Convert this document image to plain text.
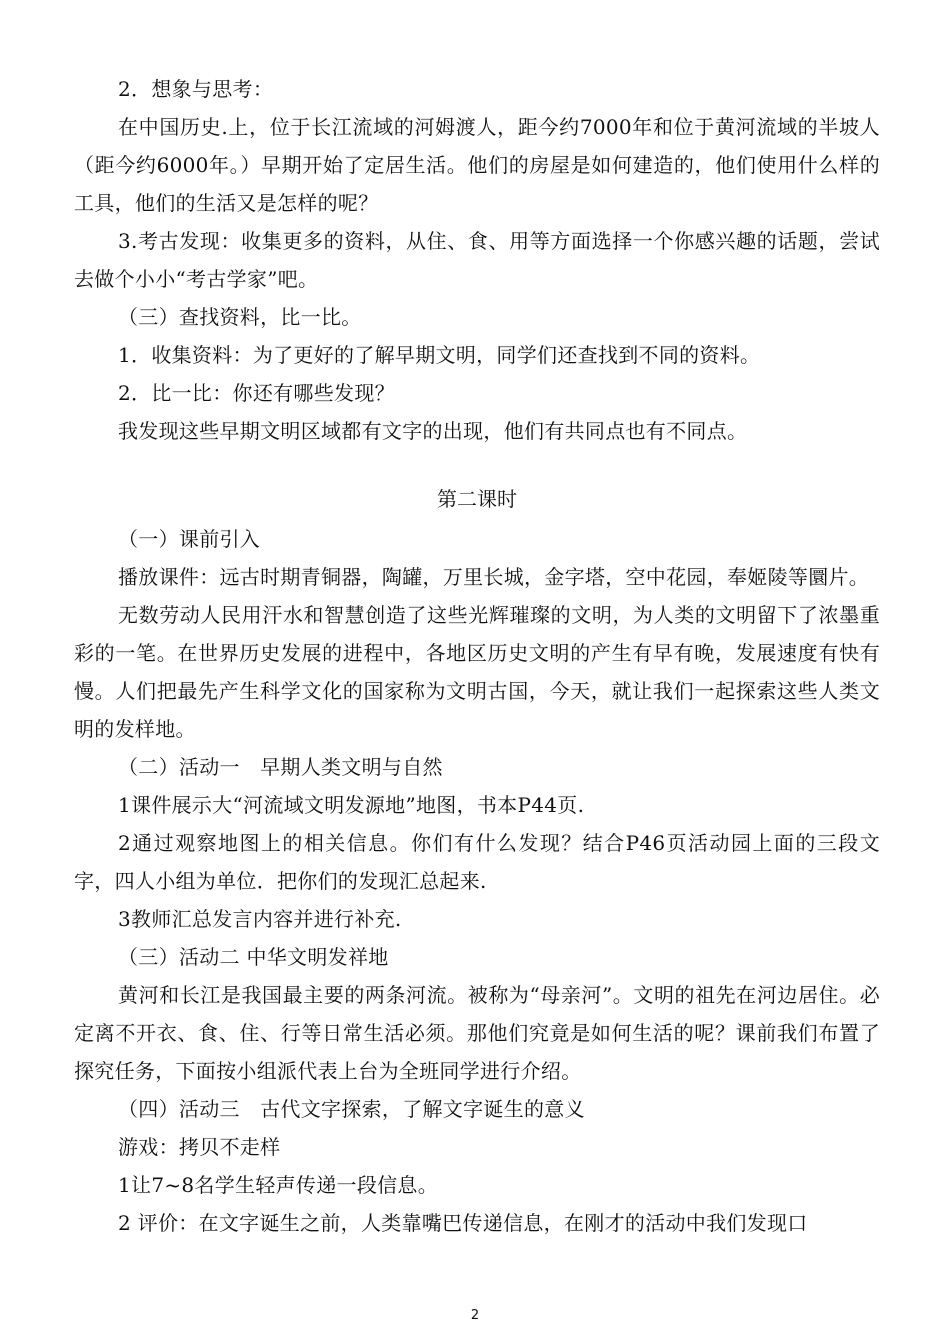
2．想象与思考：

在中国历史.上，位于长江流域的河姆渡人，距今约7000年和位于黄河流域的半坡人（距今约6000年。）早期开始了定居生活。他们的房屋是如何建造的，他们使用什么样的工具，他们的生活又是怎样的呢？

3.考古发现：收集更多的资料，从住、食、用等方面选择一个你感兴趣的话题，尝试去做个小小“考古学家”吧。

（三）查找资料，比一比。

1．收集资料：为了更好的了解早期文明，同学们还查找到不同的资料。

2．比一比：你还有哪些发现？

我发现这些早期文明区域都有文字的出现，他们有共同点也有不同点。

第二课时

（一）课前引入

播放课件：远古时期青铜器，陶罐，万里长城，金字塔，空中花园，奉姬陵等圜片。

无数劳动人民用汗水和智慧创造了这些光辉璀璨的文明，为人类的文明留下了浓墨重彩的一笔。在世界历史发展的进程中，各地区历史文明的产生有早有晚，发展速度有快有慢。人们把最先产生科学文化的国家称为文明古国，今天，就让我们一起探索这些人类文明的发样地。

（二）活动一　早期人类文明与自然

1课件展示大“河流域文明发源地”地图，书本P44页.

2通过观察地图上的相关信息。你们有什么发现？结合P46页活动园上面的三段文字，四人小组为单位．把你们的发现汇总起来.

3教师汇总发言内容并进行补充.

（三）活动二 中华文明发祥地

黄河和长江是我国最主要的两条河流。被称为“母亲河”。文明的祖先在河边居住。必定离不开衣、食、住、行等日常生活必须。那他们究竟是如何生活的呢？课前我们布置了探究任务，下面按小组派代表上台为全班同学进行介绍。

（四）活动三　古代文字探索，了解文字诞生的意义

游戏：拷贝不走样

1让7~8名学生轻声传递一段信息。

2 评价：在文字诞生之前，人类靠嘴巴传递信息，在刚才的活动中我们发现口

2
